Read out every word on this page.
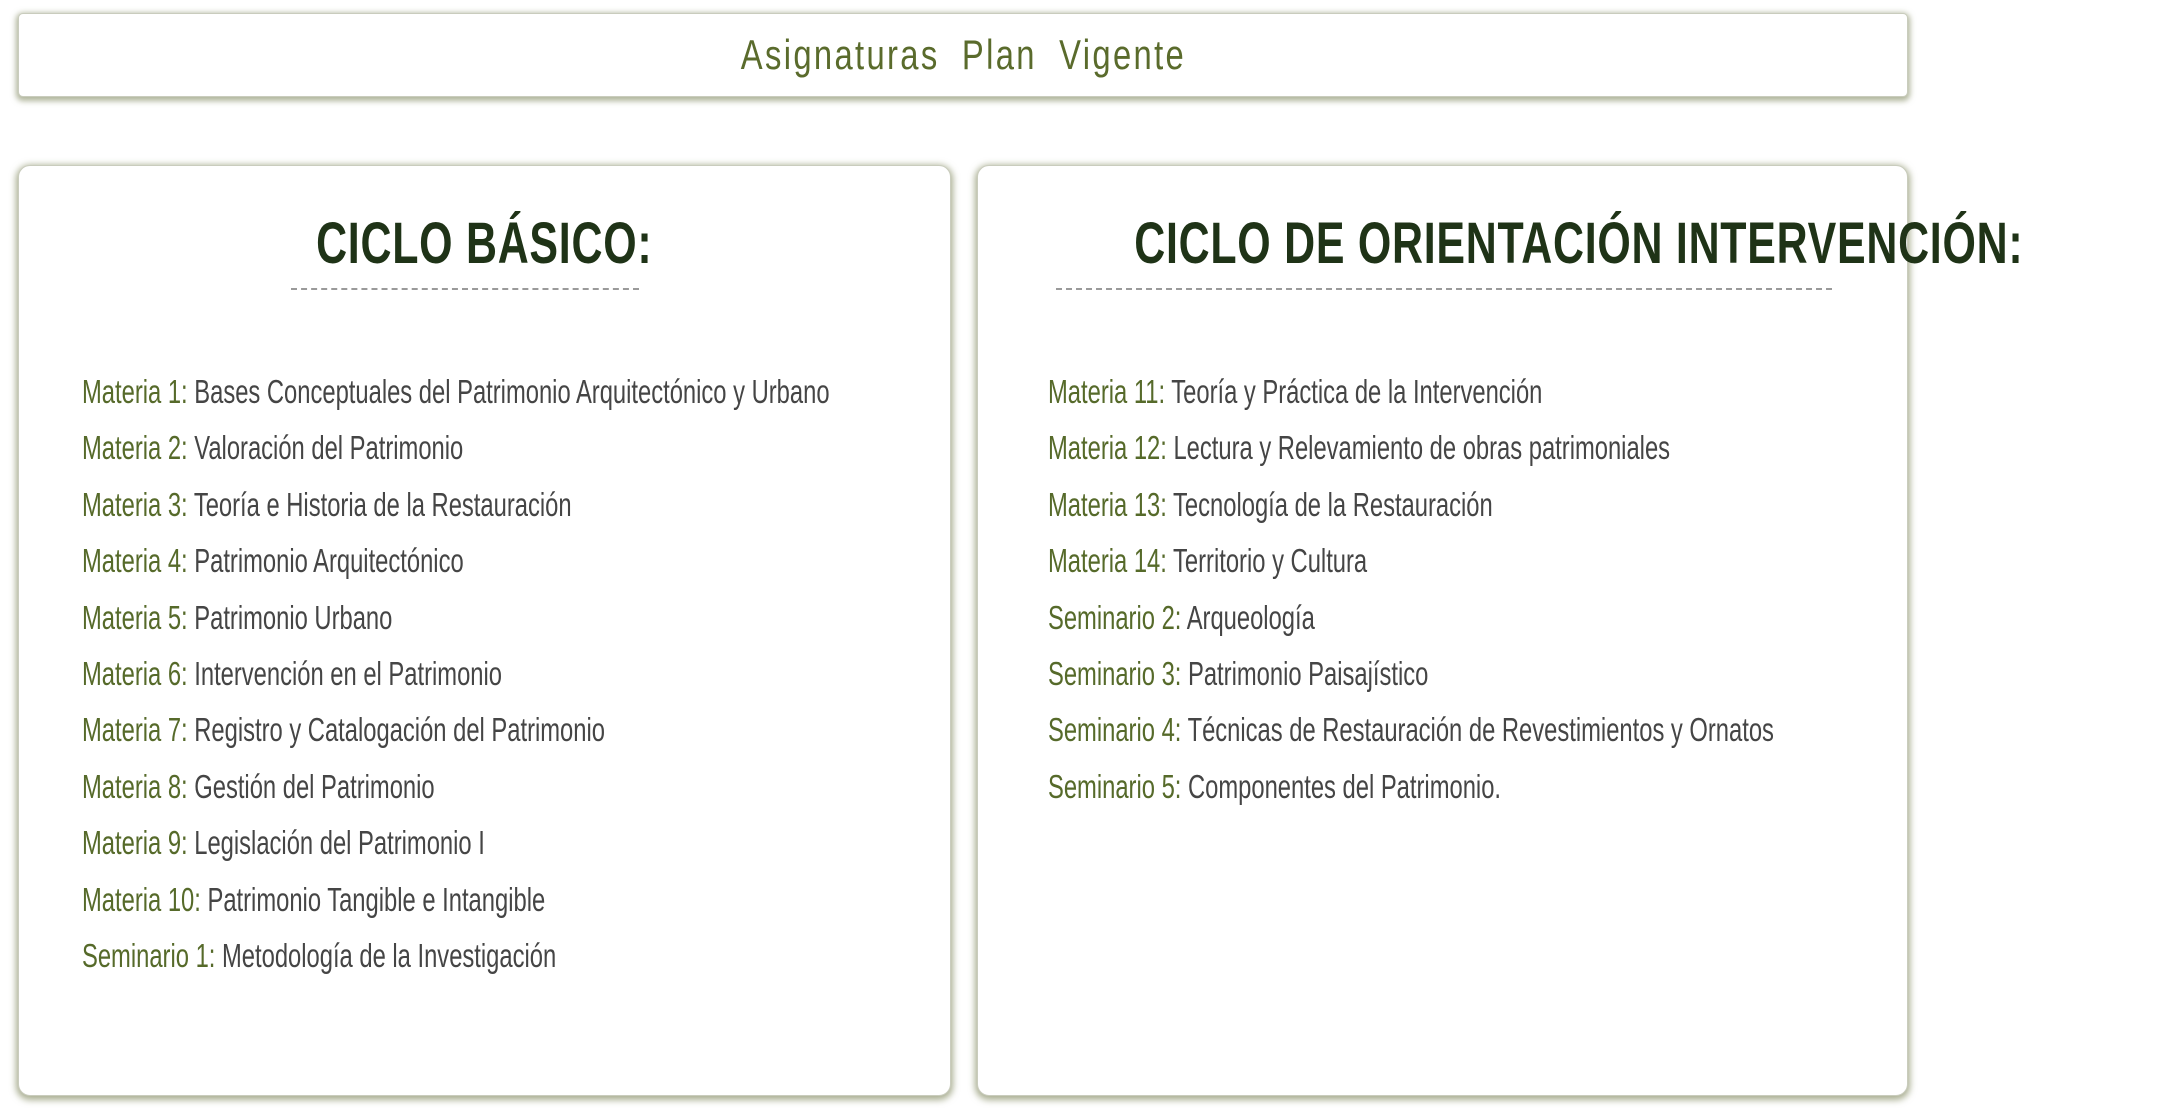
Asignaturas Plan Vigente
CICLO BÁSICO:
Materia 1: Bases Conceptuales del Patrimonio Arquitectónico y Urbano
Materia 2: Valoración del Patrimonio
Materia 3: Teoría e Historia de la Restauración
Materia 4: Patrimonio Arquitectónico
Materia 5: Patrimonio Urbano
Materia 6: Intervención en el Patrimonio
Materia 7: Registro y Catalogación del Patrimonio
Materia 8: Gestión del Patrimonio
Materia 9: Legislación del Patrimonio I
Materia 10: Patrimonio Tangible e Intangible
Seminario 1: Metodología de la Investigación
CICLO DE ORIENTACIÓN INTERVENCIÓN:
Materia 11: Teoría y Práctica de la Intervención
Materia 12: Lectura y Relevamiento de obras patrimoniales
Materia 13: Tecnología de la Restauración
Materia 14: Territorio y Cultura
Seminario 2: Arqueología
Seminario 3: Patrimonio Paisajístico
Seminario 4: Técnicas de Restauración de Revestimientos y Ornatos
Seminario 5: Componentes del Patrimonio.
